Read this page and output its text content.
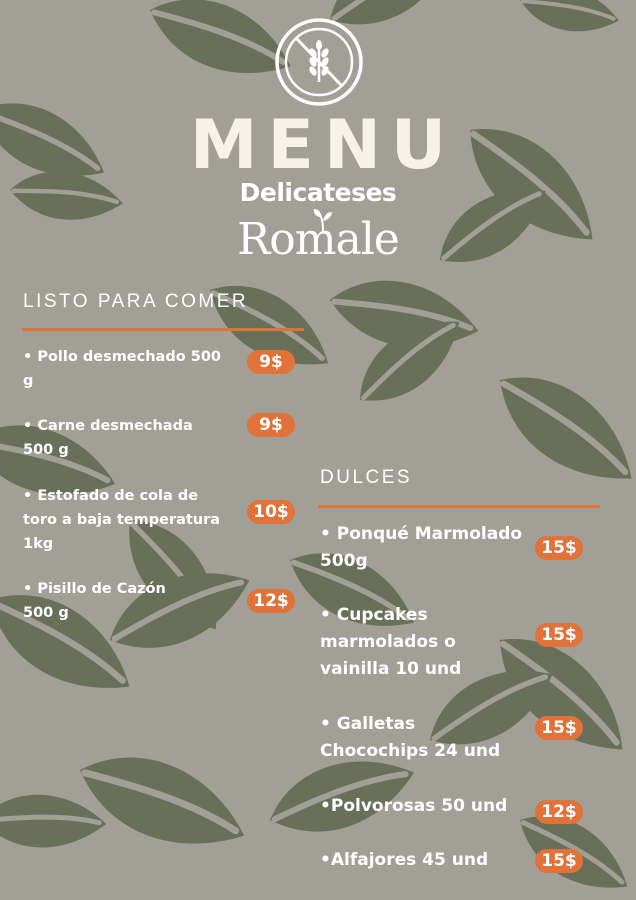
MENU
Delicateses
Romale
LISTO PARA COMER
• Pollo desmechado 500
g
9$
• Carne desmechada
500 g
9$
• Estofado de cola de
toro a baja temperatura
1kg
10$
• Pisillo de Cazón
500 g
12$
DULCES
• Ponqué Marmolado
500g
15$
• Cupcakes
marmolados o
vainilla 10 und
15$
• Galletas
Chocochips 24 und
15$
•Polvorosas 50 und	12$
•Alfajores 45 und	15$
